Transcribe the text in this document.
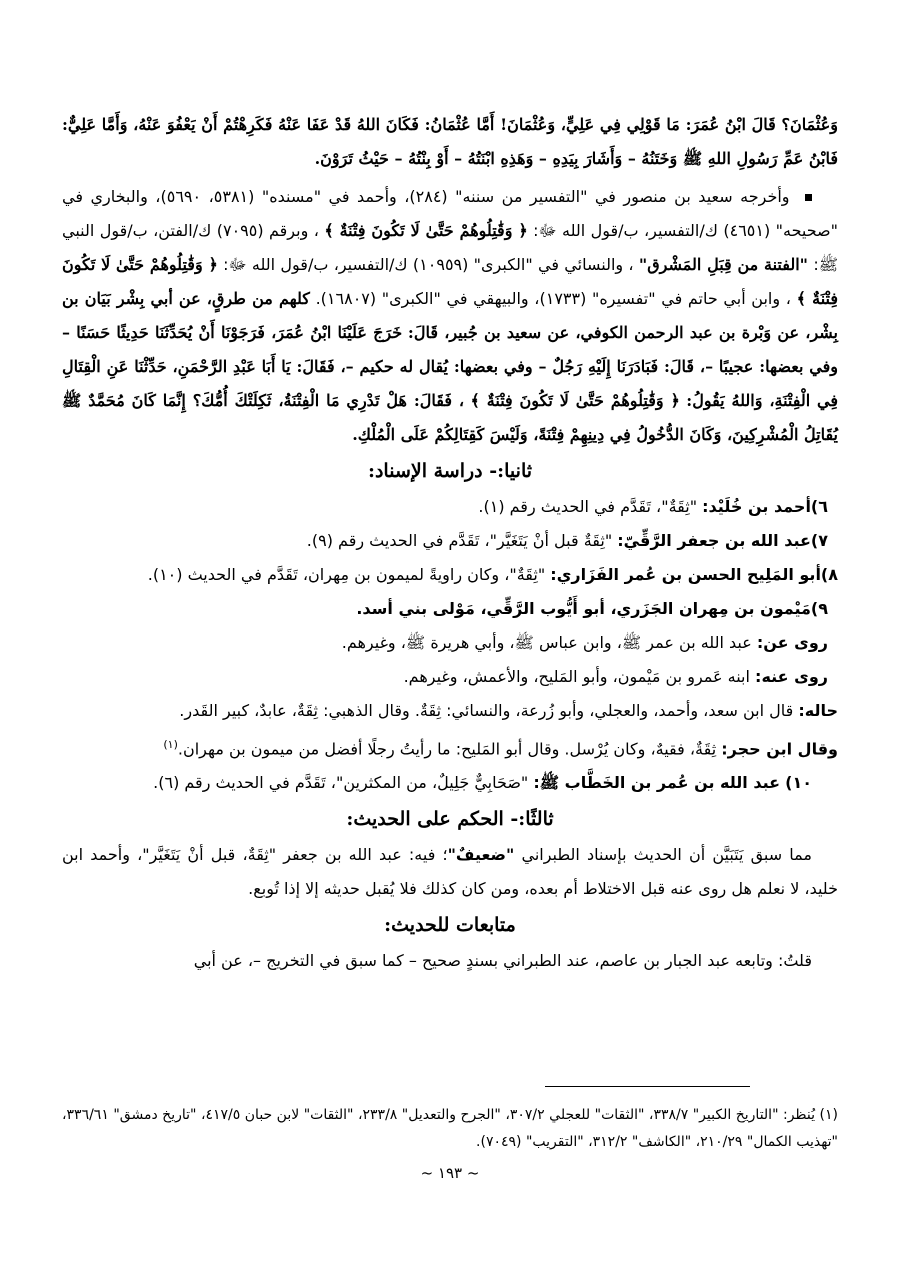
وَعُثْمَانَ؟ قَالَ ابْنُ عُمَرَ: مَا قَوْلِي فِي عَلِيٍّ، وَعُثْمَانَ! أَمَّا عُثْمَانُ: فَكَانَ اللهُ قَدْ عَفَا عَنْهُ فَكَرِهْتُمْ أَنْ يَعْفُوَ عَنْهُ، وَأَمَّا عَلِيٌّ: فَابْنُ عَمِّ رَسُولِ اللهِ ﷺ وَخَتَنُهُ – وَأَشَارَ بِيَدِهِ – وَهَذِهِ ابْنَتُهُ – أَوْ بِنْتُهُ – حَيْثُ تَرَوْنَ.

وأخرجه سعيد بن منصور في "التفسير من سننه" (٢٨٤)، وأحمد في "مسنده" (٥٣٨١، ٥٦٩٠)، والبخاري في "صحيحه" (٤٦٥١) ك/التفسير، ب/قول الله ﷻ: ﴿ وَقَٰتِلُوهُمْ حَتَّىٰ لَا تَكُونَ فِتْنَةٌ ﴾ ، وبرقم (٧٠٩٥) ك/الفتن، ب/قول النبي ﷺ: "الفتنة من قِبَلِ المَشْرق" ، والنسائي في "الكبرى" (١٠٩٥٩) ك/التفسير، ب/قول الله ﷻ: ﴿ وَقَٰتِلُوهُمْ حَتَّىٰ لَا تَكُونَ فِتْنَةٌ ﴾ ، وابن أبي حاتم في "تفسيره" (١٧٣٣)، والبيهقي في "الكبرى" (١٦٨٠٧). كلهم من طرقٍ، عن أبي بِشْر بَيَان بن بِشْر، عن وَبْرة بن عبد الرحمن الكوفي، عن سعيد بن جُبير، قَالَ: خَرَجَ عَلَيْنَا ابْنُ عُمَرَ، فَرَجَوْنَا أَنْ يُحَدِّثَنَا حَدِيثًا حَسَنًا – وفي بعضها: عجيبًا –، قَالَ: فَبَادَرَنَا إِلَيْهِ رَجُلٌ – وفي بعضها: يُقال له حكيم –، فَقَالَ: يَا أَبَا عَبْدِ الرَّحْمَنِ، حَدِّثْنَا عَنِ الْقِتَالِ فِي الْفِتْنَةِ، وَاللهُ يَقُولُ: ﴿ وَقَٰتِلُوهُمْ حَتَّىٰ لَا تَكُونَ فِتْنَةٌ ﴾ ، فَقَالَ: هَلْ تَدْرِي مَا الْفِتْنَةُ، ثَكِلَتْكَ أُمُّكَ؟ إِنَّمَا كَانَ مُحَمَّدٌ ﷺ يُقَاتِلُ الْمُشْرِكِينَ، وَكَانَ الدُّخُولُ فِي دِينِهِمْ فِتْنَةً، وَلَيْسَ كَقِتَالِكُمْ عَلَى الْمُلْكِ.

ثانيا:- دراسة الإسناد:

٦)أحمد بن خُلَيْد: "ثِقَةٌ"، تَقَدَّم في الحديث رقم (١).

٧)عبد الله بن جعفر الرَّقِّيّ: "ثِقَةٌ قبل أنْ يَتَغَيَّر"، تَقَدَّم في الحديث رقم (٩).

٨)أبو المَلِيح الحسن بن عُمر الفَزَاري: "ثِقَةٌ"، وكان راويةً لميمون بن مِهران، تَقَدَّم في الحديث (١٠).

٩)مَيْمون بن مِهران الجَزَري، أبو أَيُّوب الرَّقِّي، مَوْلى بني أسد.

روى عن: عبد الله بن عمر ﷺ، وابن عباس ﷺ، وأبي هريرة ﷺ، وغيرهم.

روى عنه: ابنه عَمرو بن مَيْمون، وأبو المَليح، والأعمش، وغيرهم.

حاله: قال ابن سعد، وأحمد، والعجلي، وأبو زُرعة، والنسائي: ثِقَةٌ. وقال الذهبي: ثِقَةٌ، عابدٌ، كبير القَدر.

وقال ابن حجر: ثِقَةٌ، فقيهٌ، وكان يُرْسل. وقال أبو المَليح: ما رأيتُ رجلًا أفضل من ميمون بن مهران.$^{(١)}$

١٠) عبد الله بن عُمر بن الخَطَّاب ﷺ: "صَحَابِيٌّ جَلِيلٌ، من المكثرين"، تَقَدَّم في الحديث رقم (٦).

ثالثًا:- الحكم على الحديث:

مما سبق يَتَبَيَّن أن الحديث بإسناد الطبراني "ضعيفٌ"؛ فيه: عبد الله بن جعفر "ثِقَةٌ، قبل أنْ يَتَغَيَّر"، وأحمد ابن خليد، لا نعلم هل روى عنه قبل الاختلاط أم بعده، ومن كان كذلك فلا يُقبل حديثه إلا إذا تُوبع.

متابعات للحديث:

قلتُ: وتابعه عبد الجبار بن عاصم، عند الطبراني بسندٍ صحيح – كما سبق في التخريج –، عن أبي

(١) يُنظر: "التاريخ الكبير" ٣٣٨/٧، "الثقات" للعجلي ٣٠٧/٢، "الجرح والتعديل" ٢٣٣/٨، "الثقات" لابن حبان ٤١٧/٥، "تاريخ دمشق" ٣٣٦/٦١، "تهذيب الكمال" ٢١٠/٢٩، "الكاشف" ٣١٢/٢، "التقريب" (٧٠٤٩).

~ ١٩٣ ~
